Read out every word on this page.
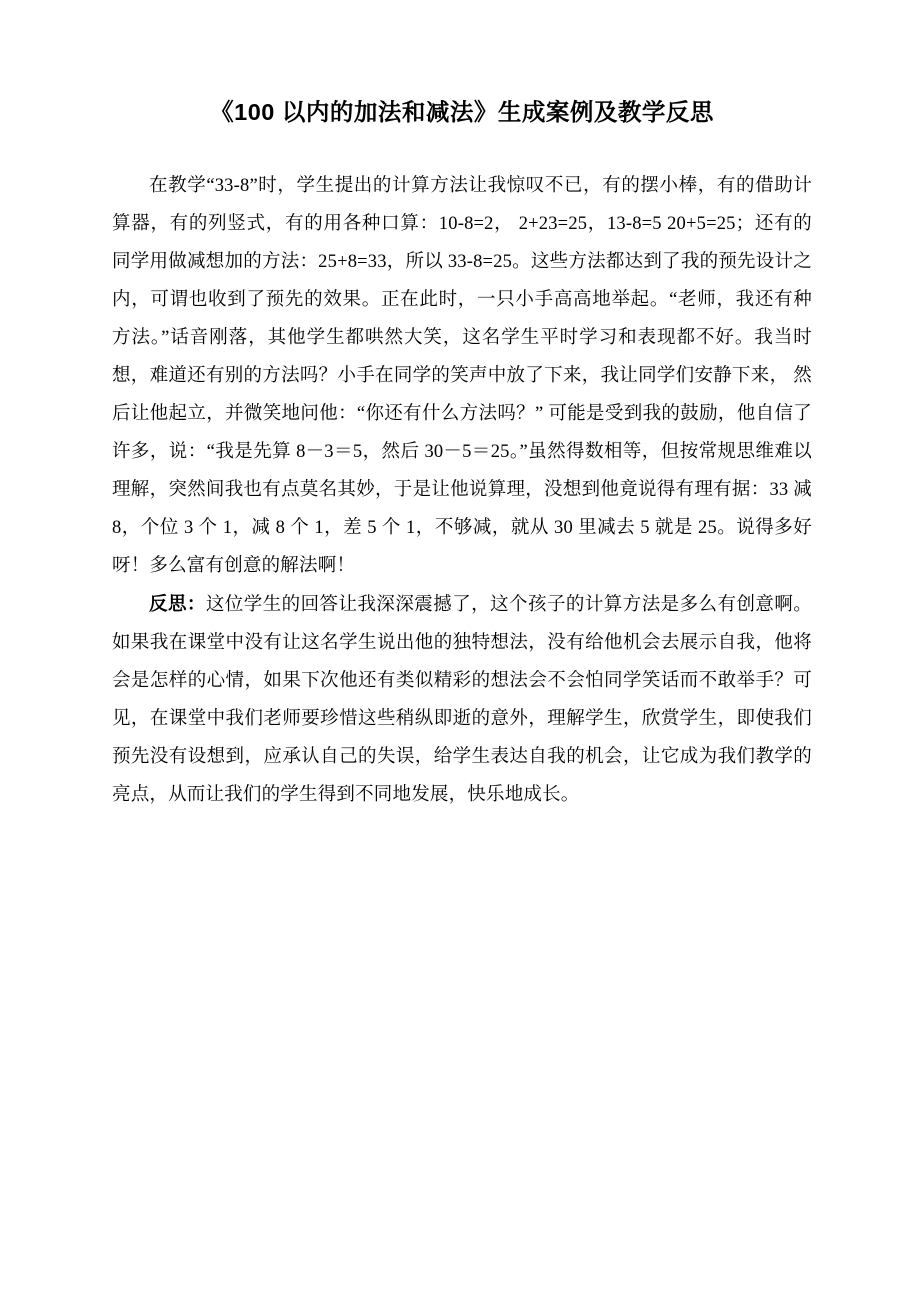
《100 以内的加法和减法》生成案例及教学反思

在教学“33-8”时，学生提出的计算方法让我惊叹不已，有的摆小棒，有的借助计算器，有的列竖式，有的用各种口算：10-8=2， 2+23=25，13-8=5 20+5=25；还有的同学用做减想加的方法：25+8=33，所以 33-8=25。这些方法都达到了我的预先设计之内，可谓也收到了预先的效果。正在此时，一只小手高高地举起。“老师，我还有种方法。”话音刚落，其他学生都哄然大笑，这名学生平时学习和表现都不好。我当时想，难道还有别的方法吗？小手在同学的笑声中放了下来，我让同学们安静下来， 然后让他起立，并微笑地问他：“你还有什么方法吗？” 可能是受到我的鼓励，他自信了许多，说：“我是先算 8－3＝5，然后 30－5＝25。”虽然得数相等，但按常规思维难以理解，突然间我也有点莫名其妙，于是让他说算理，没想到他竟说得有理有据：33 减 8，个位 3 个 1，减 8 个 1，差 5 个 1，不够减，就从 30 里减去 5 就是 25。说得多好呀！多么富有创意的解法啊！

反思：这位学生的回答让我深深震撼了，这个孩子的计算方法是多么有创意啊。如果我在课堂中没有让这名学生说出他的独特想法，没有给他机会去展示自我，他将会是怎样的心情，如果下次他还有类似精彩的想法会不会怕同学笑话而不敢举手？可见，在课堂中我们老师要珍惜这些稍纵即逝的意外，理解学生，欣赏学生，即使我们预先没有设想到，应承认自己的失误，给学生表达自我的机会，让它成为我们教学的亮点，从而让我们的学生得到不同地发展，快乐地成长。
